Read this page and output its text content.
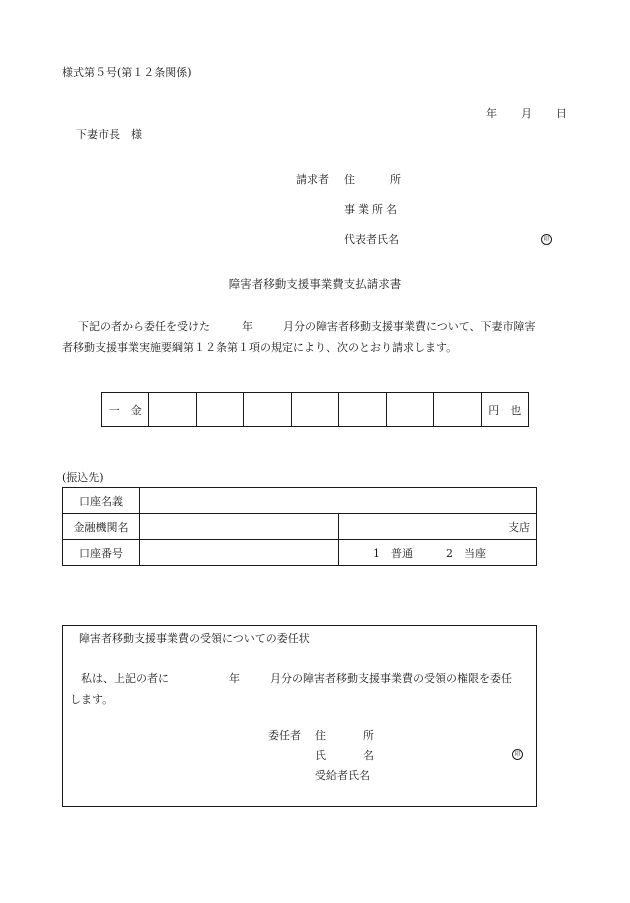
様式第５号(第１２条関係)
年 月 日
下妻市長　様
請求者 住	所
事業所名
代表者氏名	印
障害者移動支援事業費支払請求書
下記の者から委任を受けた	年	月分の障害者移動支援事業費について、下妻市障害
者移動支援事業実施要綱第１２条第１項の規定により、次のとおり請求します。
一　金								円　也
(振込先)
口座名義		
金融機関名		支店
口座番号		1　普通 2　当座
障害者移動支援事業費の受領についての委任状
私は、上記の者に	年	月分の障害者移動支援事業費の受領の権限を委任
します。
委任者 住	所
氏	名
受給者氏名
印
